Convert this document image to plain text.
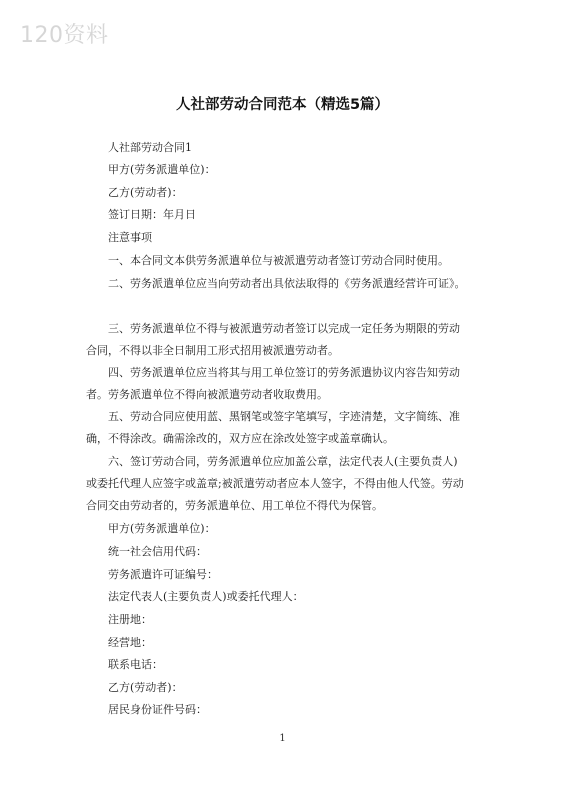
120资料
人社部劳动合同范本（精选5篇）
人社部劳动合同1
甲方(劳务派遣单位)：
乙方(劳动者)：
签订日期：年月日
注意事项
一、本合同文本供劳务派遣单位与被派遣劳动者签订劳动合同时使用。
二、劳务派遣单位应当向劳动者出具依法取得的《劳务派遣经营许可证》。
三、劳务派遣单位不得与被派遣劳动者签订以完成一定任务为期限的劳动
合同，不得以非全日制用工形式招用被派遣劳动者。
四、劳务派遣单位应当将其与用工单位签订的劳务派遣协议内容告知劳动
者。劳务派遣单位不得向被派遣劳动者收取费用。
五、劳动合同应使用蓝、黑钢笔或签字笔填写，字迹清楚，文字简练、准
确，不得涂改。确需涂改的，双方应在涂改处签字或盖章确认。
六、签订劳动合同，劳务派遣单位应加盖公章，法定代表人(主要负责人)
或委托代理人应签字或盖章;被派遣劳动者应本人签字，不得由他人代签。劳动
合同交由劳动者的，劳务派遣单位、用工单位不得代为保管。
甲方(劳务派遣单位)：
统一社会信用代码：
劳务派遣许可证编号：
法定代表人(主要负责人)或委托代理人：
注册地：
经营地：
联系电话：
乙方(劳动者)：
居民身份证件号码：
1
